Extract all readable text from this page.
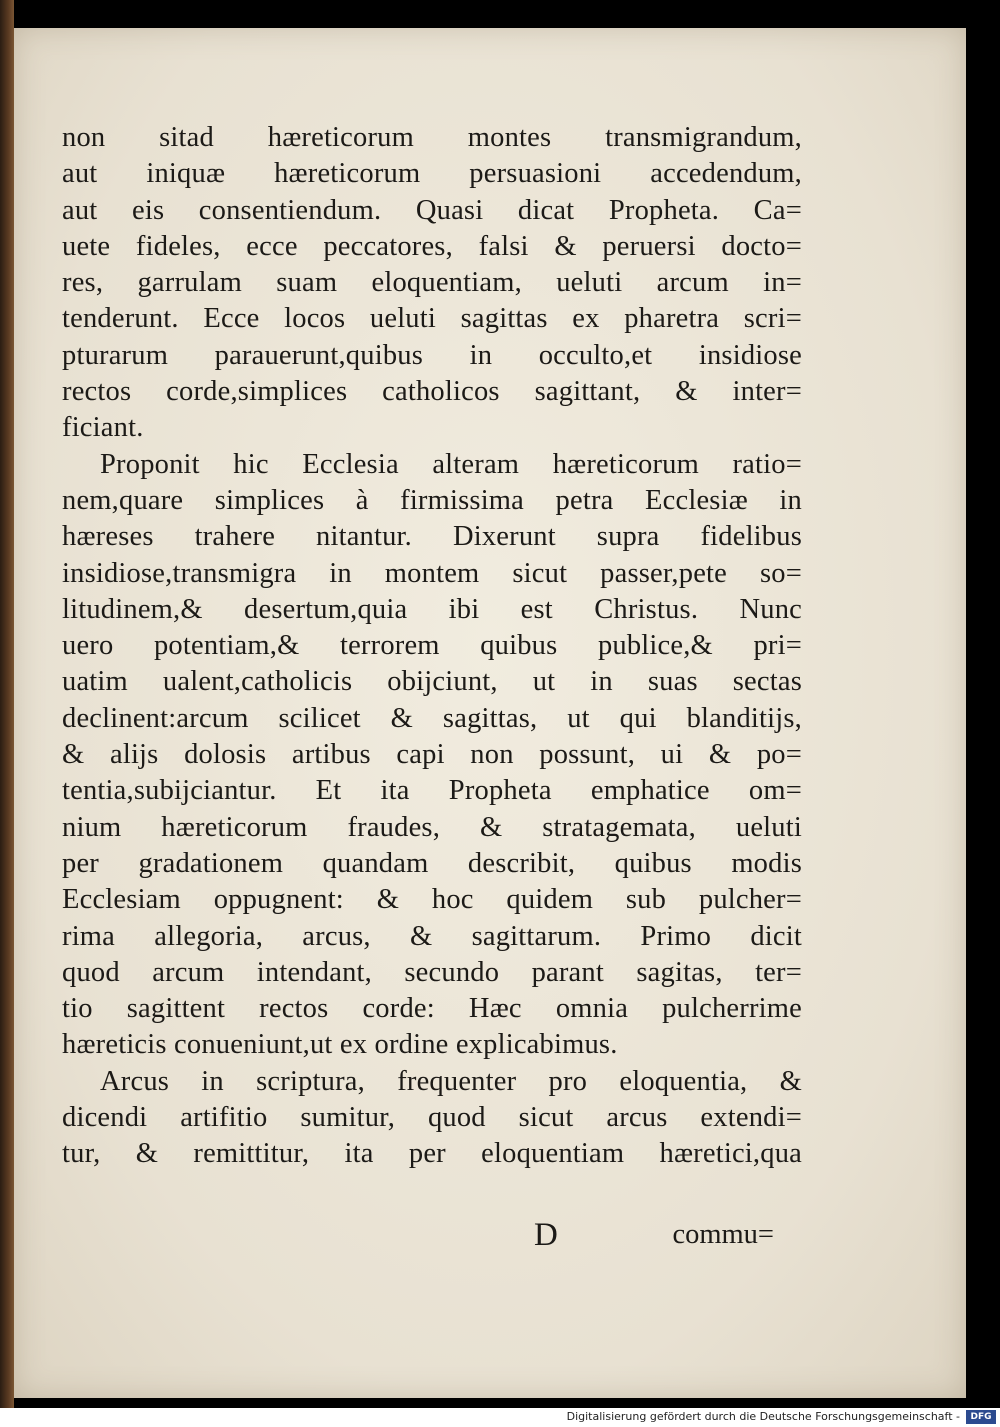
non sitad hæreticorum montes transmigrandum,
aut iniquæ hæreticorum persuasioni accedendum,
aut eis consentiendum. Quasi dicat Propheta. Ca=
uete fideles, ecce peccatores, falsi & peruersi docto=
res, garrulam suam eloquentiam, ueluti arcum in=
tenderunt. Ecce locos ueluti sagittas ex pharetra scri=
pturarum parauerunt,quibus in occulto,et insidiose
rectos corde,simplices catholicos sagittant, & inter=
ficiant.
Proponit hic Ecclesia alteram hæreticorum ratio=
nem,quare simplices à firmissima petra Ecclesiæ in
hæreses trahere nitantur. Dixerunt supra fidelibus
insidiose,transmigra in montem sicut passer,pete so=
litudinem,& desertum,quia ibi est Christus. Nunc
uero potentiam,& terrorem quibus publice,& pri=
uatim ualent,catholicis obijciunt, ut in suas sectas
declinent:arcum scilicet & sagittas, ut qui blanditijs,
& alijs dolosis artibus capi non possunt, ui & po=
tentia,subijciantur. Et ita Propheta emphatice om=
nium hæreticorum fraudes, & stratagemata, ueluti
per gradationem quandam describit, quibus modis
Ecclesiam oppugnent: & hoc quidem sub pulcher=
rima allegoria, arcus, & sagittarum. Primo dicit
quod arcum intendant, secundo parant sagitas, ter=
tio sagittent rectos corde: Hæc omnia pulcherrime
hæreticis conueniunt,ut ex ordine explicabimus.
Arcus in scriptura, frequenter pro eloquentia, &
dicendi artifitio sumitur, quod sicut arcus extendi=
tur, & remittitur, ita per eloquentiam hæretici,qua
D	commu=
Digitalisierung gefördert durch die Deutsche Forschungsgemeinschaft -	DFG
